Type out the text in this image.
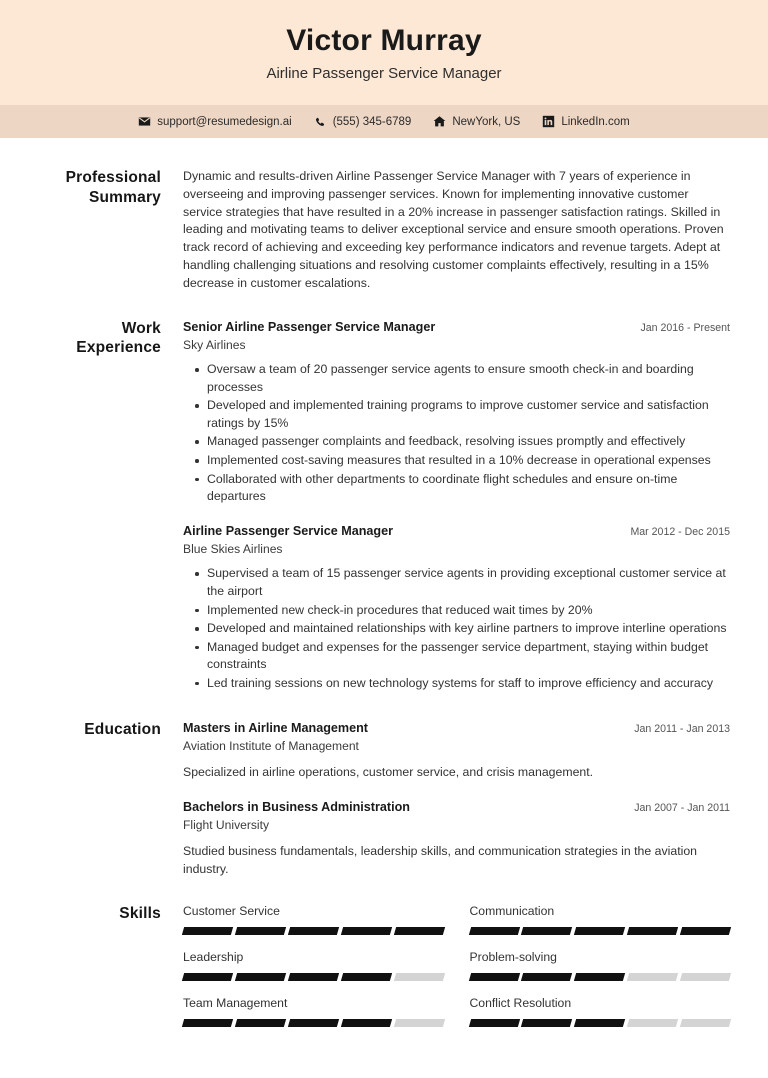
Victor Murray

Airline Passenger Service Manager

support@resumedesign.ai	(555) 345-6789	NewYork, US	LinkedIn.com
Professional Summary

Dynamic and results-driven Airline Passenger Service Manager with 7 years of experience in overseeing and improving passenger services. Known for implementing innovative customer service strategies that have resulted in a 20% increase in passenger satisfaction ratings. Skilled in leading and motivating teams to deliver exceptional service and ensure smooth operations. Proven track record of achieving and exceeding key performance indicators and revenue targets. Adept at handling challenging situations and resolving customer complaints effectively, resulting in a 15% decrease in customer escalations.

Work Experience
Senior Airline Passenger Service Manager	Jan 2016 - Present
Sky Airlines
Oversaw a team of 20 passenger service agents to ensure smooth check-in and boarding processes
Developed and implemented training programs to improve customer service and satisfaction ratings by 15%
Managed passenger complaints and feedback, resolving issues promptly and effectively
Implemented cost-saving measures that resulted in a 10% decrease in operational expenses
Collaborated with other departments to coordinate flight schedules and ensure on-time departures
Airline Passenger Service Manager	Mar 2012 - Dec 2015
Blue Skies Airlines
Supervised a team of 15 passenger service agents in providing exceptional customer service at the airport
Implemented new check-in procedures that reduced wait times by 20%
Developed and maintained relationships with key airline partners to improve interline operations
Managed budget and expenses for the passenger service department, staying within budget constraints
Led training sessions on new technology systems for staff to improve efficiency and accuracy
Education	Masters in Airline Management	Jan 2011 - Jan 2013
Aviation Institute of Management

Specialized in airline operations, customer service, and crisis management.

Bachelors in Business Administration	Jan 2007 - Jan 2011
Flight University

Studied business fundamentals, leadership skills, and communication strategies in the aviation industry.

Skills	Customer Service	Communication
Leadership	Problem-solving
Team Management	Conflict Resolution
